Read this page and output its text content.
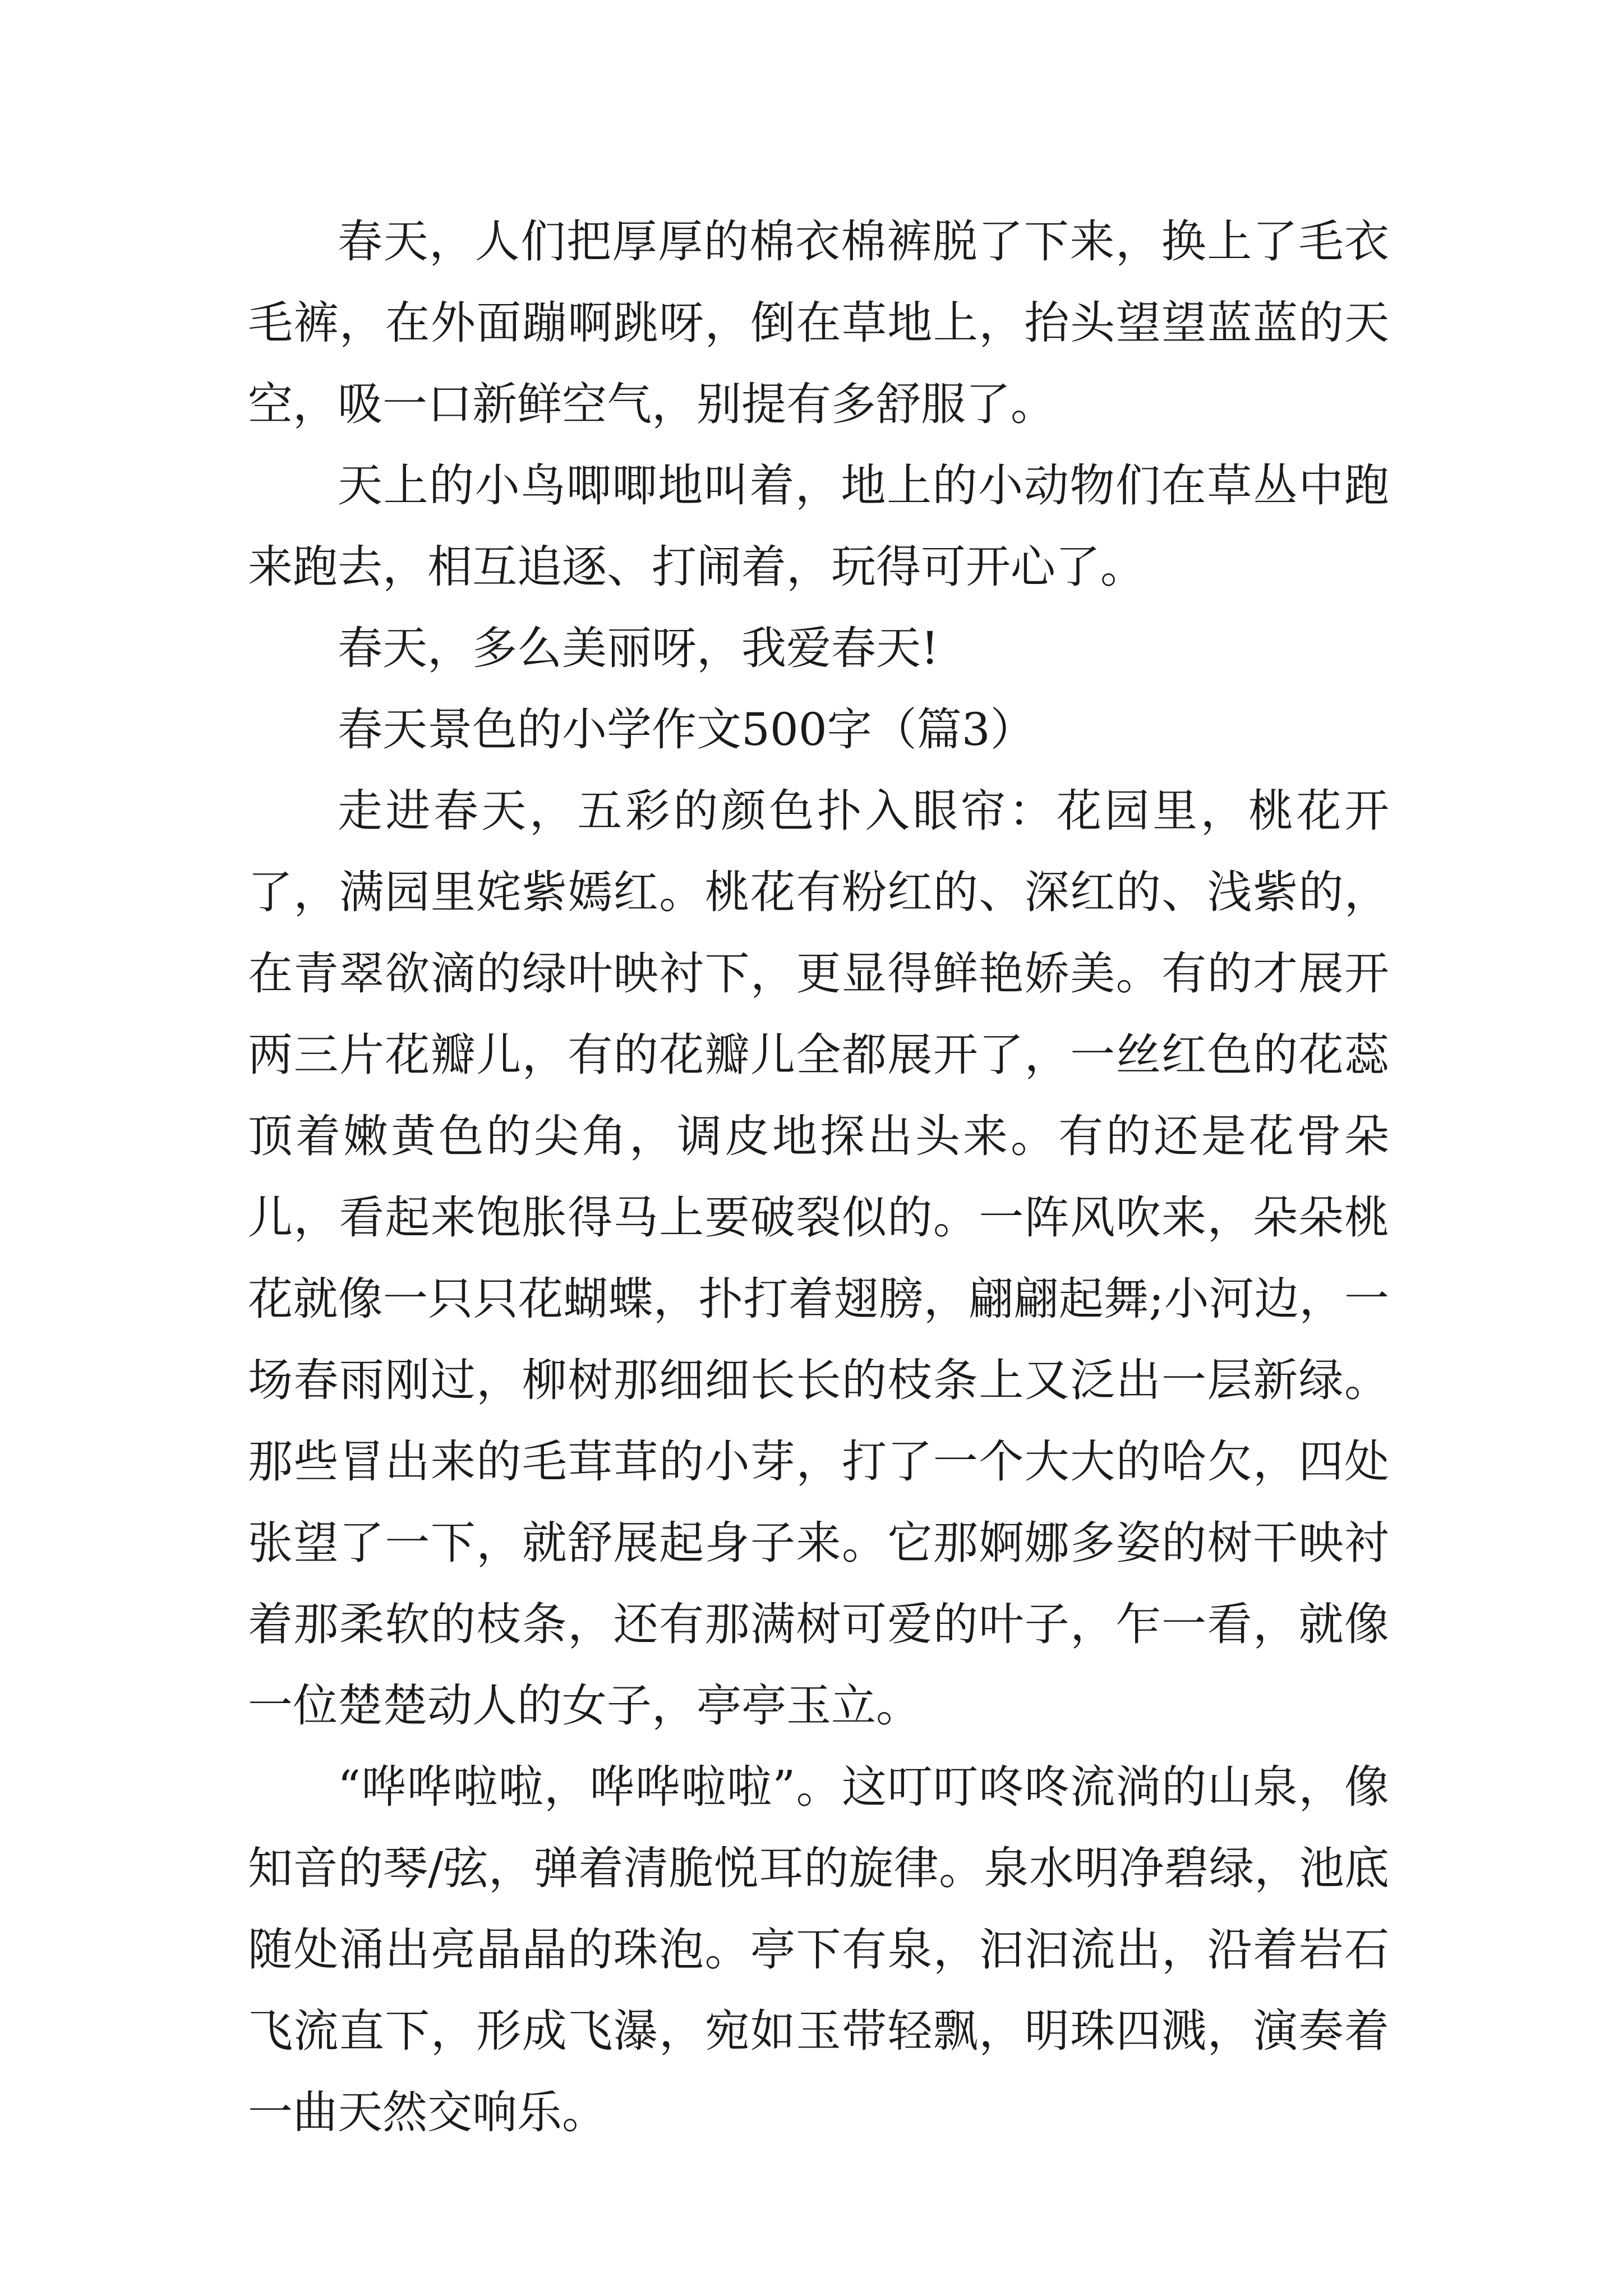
春天，人们把厚厚的棉衣棉裤脱了下来，换上了毛衣毛裤，在外面蹦啊跳呀，倒在草地上，抬头望望蓝蓝的天空，吸一口新鲜空气，别提有多舒服了。

天上的小鸟唧唧地叫着，地上的小动物们在草丛中跑来跑去，相互追逐、打闹着，玩得可开心了。

春天，多么美丽呀，我爱春天!

春天景色的小学作文500字（篇3）

走进春天，五彩的颜色扑入眼帘：花园里，桃花开了，满园里姹紫嫣红。桃花有粉红的、深红的、浅紫的，在青翠欲滴的绿叶映衬下，更显得鲜艳娇美。有的才展开两三片花瓣儿，有的花瓣儿全都展开了，一丝红色的花蕊顶着嫩黄色的尖角，调皮地探出头来。有的还是花骨朵儿，看起来饱胀得马上要破裂似的。一阵风吹来，朵朵桃花就像一只只花蝴蝶，扑打着翅膀，翩翩起舞;小河边，一场春雨刚过，柳树那细细长长的枝条上又泛出一层新绿。那些冒出来的毛茸茸的小芽，打了一个大大的哈欠，四处张望了一下，就舒展起身子来。它那婀娜多姿的树干映衬着那柔软的枝条，还有那满树可爱的叶子，乍一看，就像一位楚楚动人的女子，亭亭玉立。

“哗哗啦啦，哗哗啦啦”。这叮叮咚咚流淌的山泉，像知音的琴/弦，弹着清脆悦耳的旋律。泉水明净碧绿，池底随处涌出亮晶晶的珠泡。亭下有泉，汩汩流出，沿着岩石飞流直下，形成飞瀑，宛如玉带轻飘，明珠四溅，演奏着一曲天然交响乐。
